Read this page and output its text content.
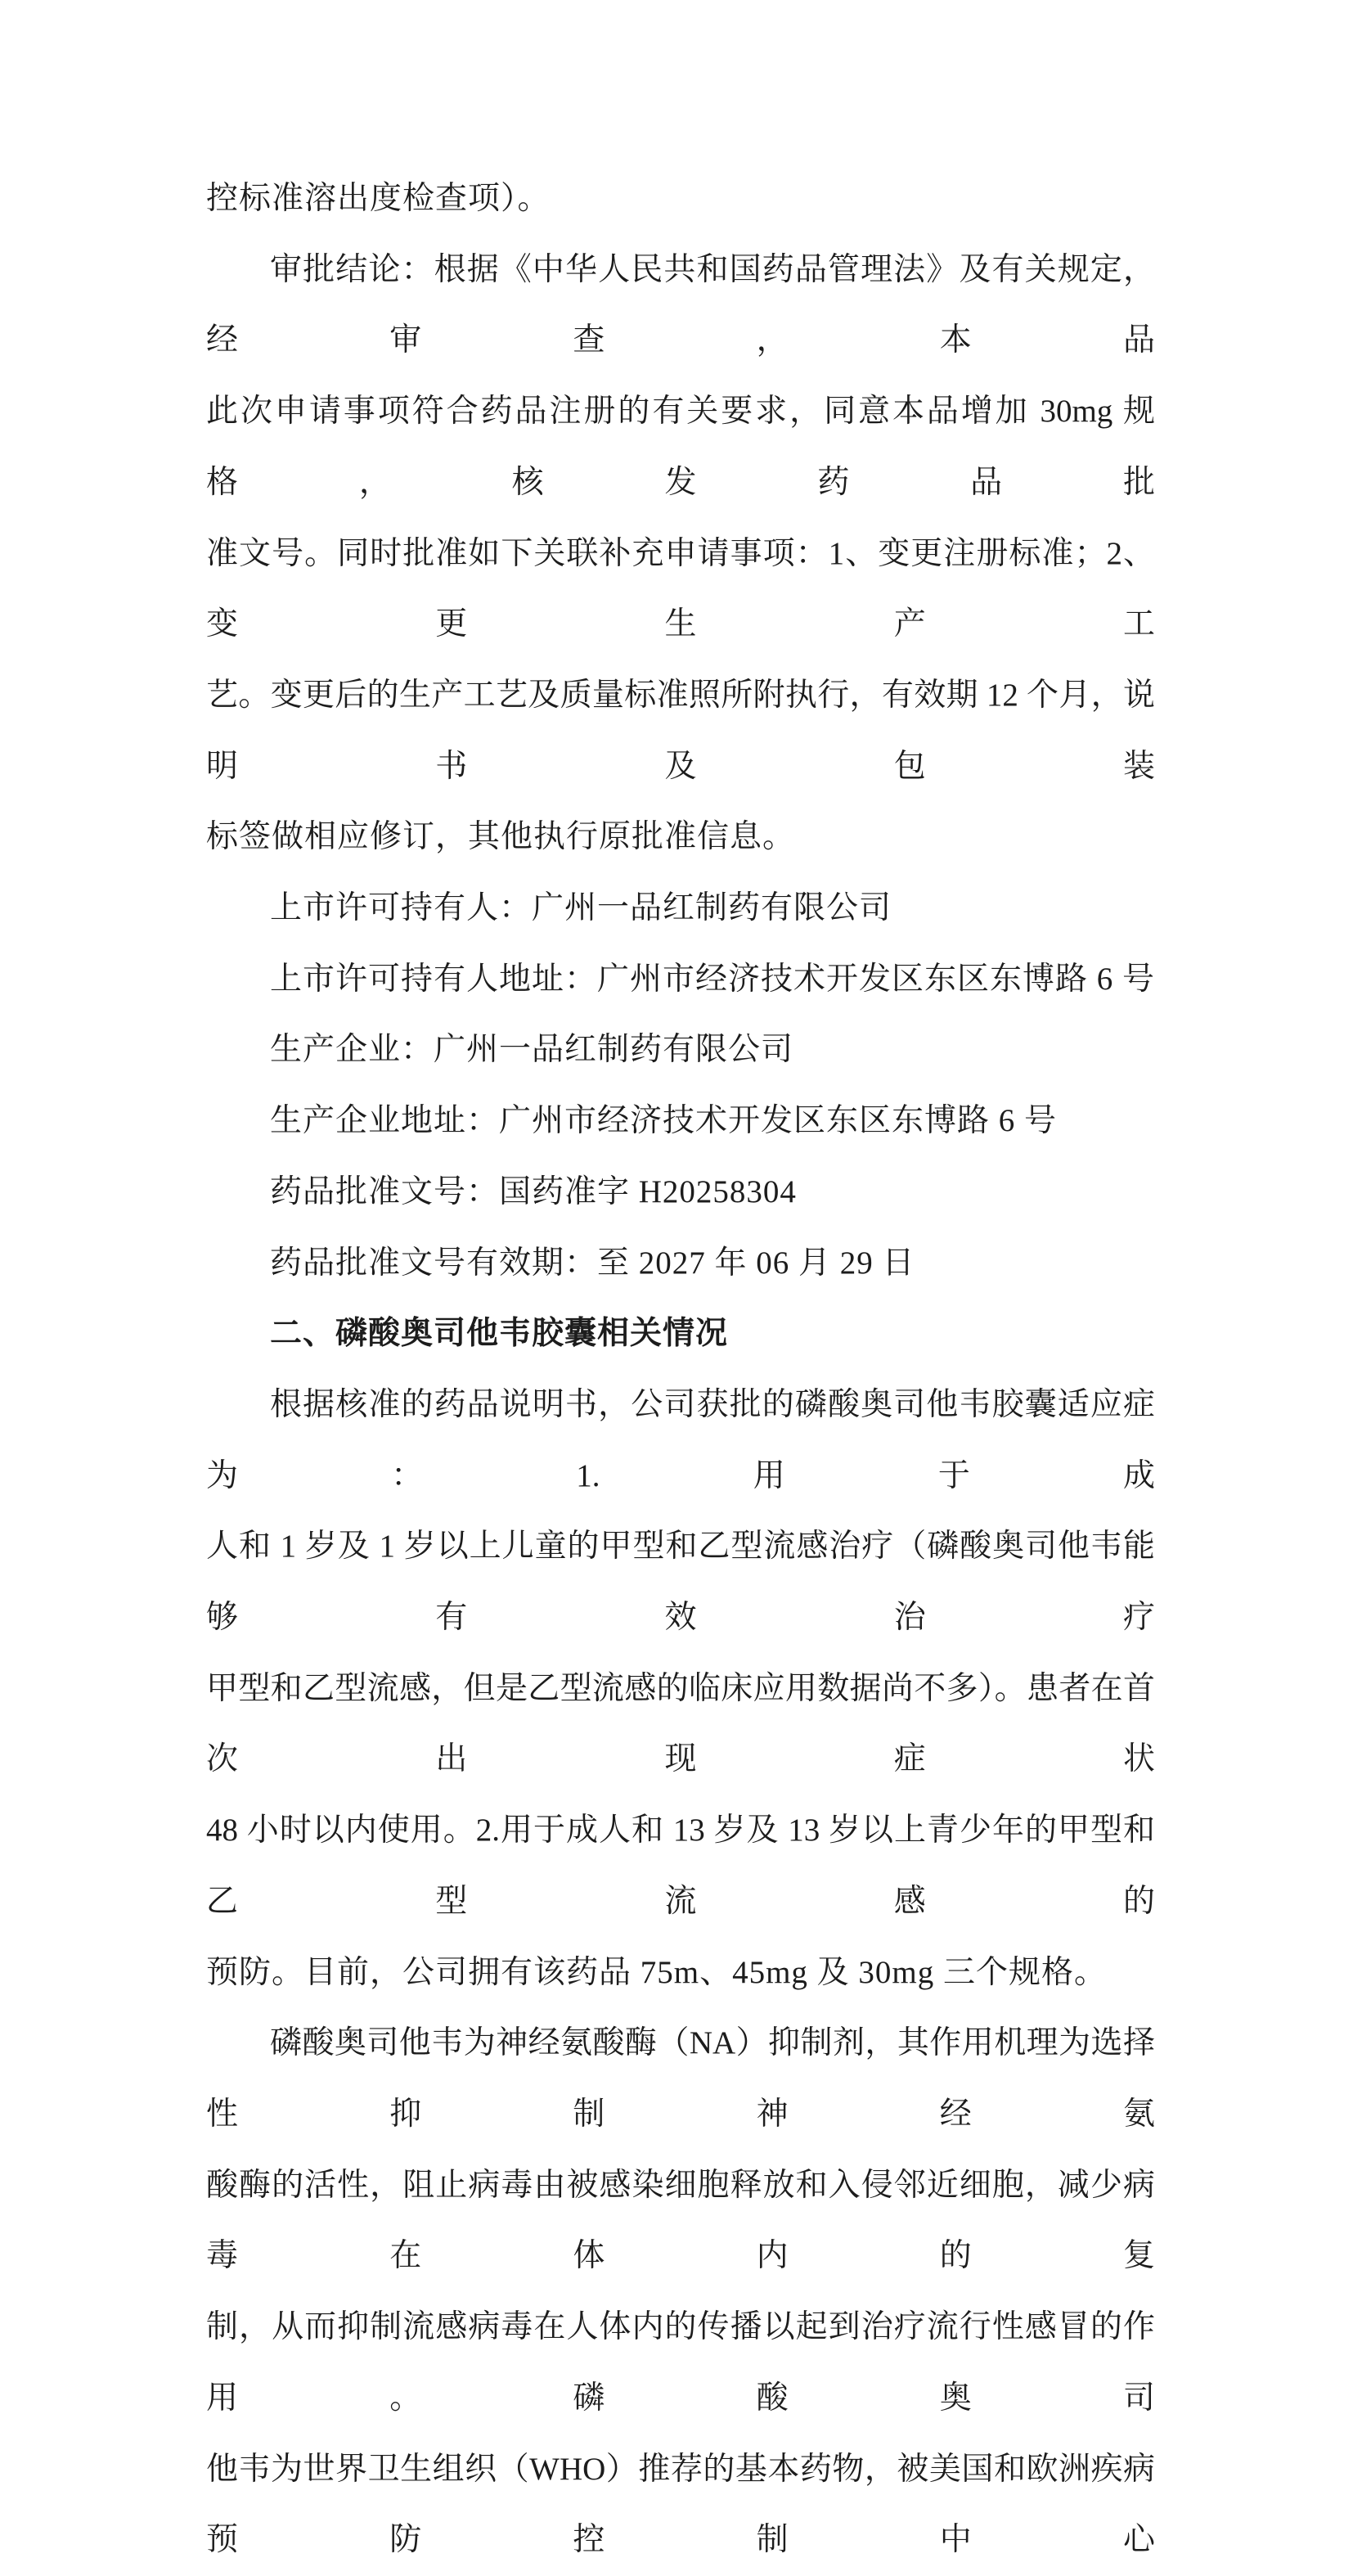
控标准溶出度检查项）。
审批结论：根据《中华人民共和国药品管理法》及有关规定，经审查，本品
此次申请事项符合药品注册的有关要求，同意本品增加 30mg 规格，核发药品批
准文号。同时批准如下关联补充申请事项：1、变更注册标准；2、变更生产工
艺。变更后的生产工艺及质量标准照所附执行，有效期 12 个月，说明书及包装
标签做相应修订，其他执行原批准信息。
上市许可持有人：广州一品红制药有限公司
上市许可持有人地址：广州市经济技术开发区东区东博路 6 号
生产企业：广州一品红制药有限公司
生产企业地址：广州市经济技术开发区东区东博路 6 号
药品批准文号：国药准字 H20258304
药品批准文号有效期：至 2027 年 06 月 29 日
二、磷酸奥司他韦胶囊相关情况
根据核准的药品说明书，公司获批的磷酸奥司他韦胶囊适应症为：1.用于成
人和 1 岁及 1 岁以上儿童的甲型和乙型流感治疗（磷酸奥司他韦能够有效治疗
甲型和乙型流感，但是乙型流感的临床应用数据尚不多）。患者在首次出现症状
48 小时以内使用。2.用于成人和 13 岁及 13 岁以上青少年的甲型和乙型流感的
预防。目前，公司拥有该药品 75m、45mg 及 30mg 三个规格。
磷酸奥司他韦为神经氨酸酶（NA）抑制剂，其作用机理为选择性抑制神经氨
酸酶的活性，阻止病毒由被感染细胞释放和入侵邻近细胞，减少病毒在体内的复
制，从而抑制流感病毒在人体内的传播以起到治疗流行性感冒的作用。磷酸奥司
他韦为世界卫生组织（WHO）推荐的基本药物，被美国和欧洲疾病预防控制中心
